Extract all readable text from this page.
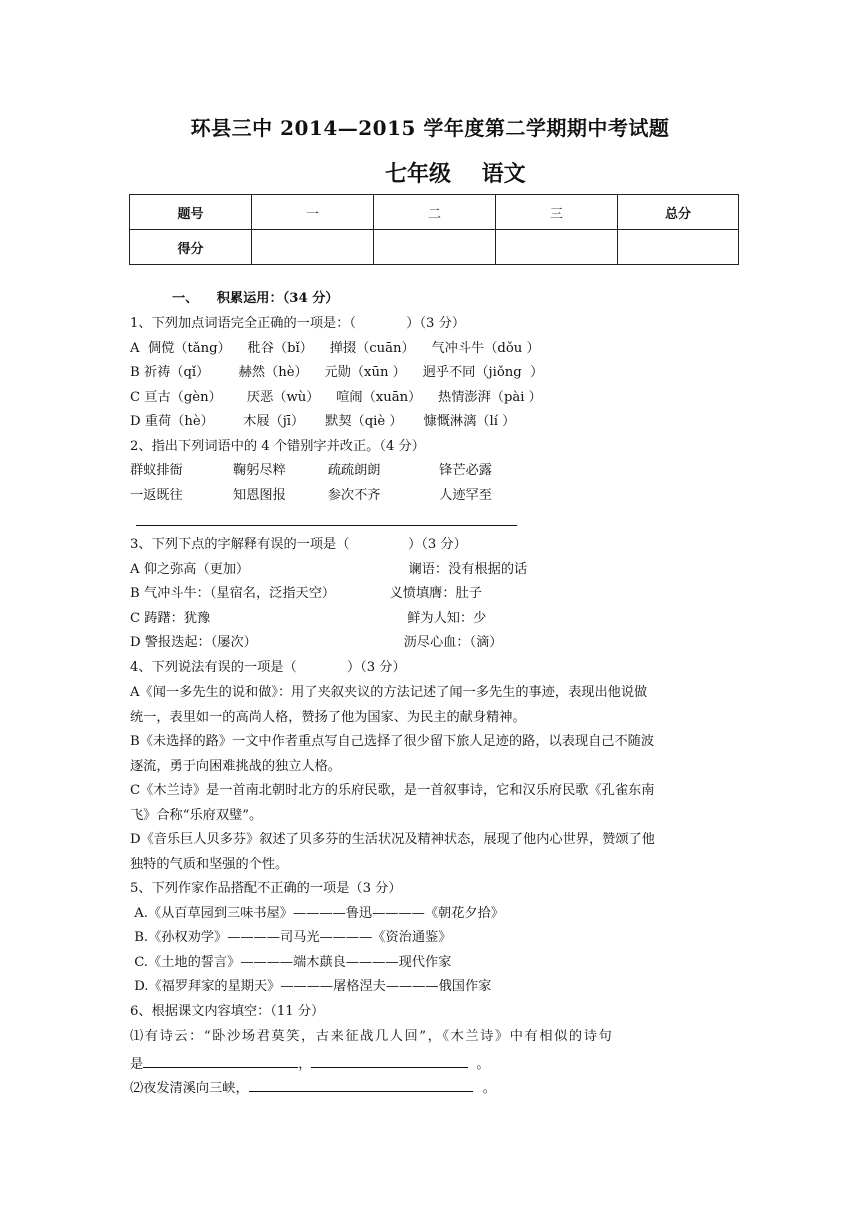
环县三中 2014—2015 学年度第二学期期中考试题
七年级    语文
题号	一	二	三	总分
得分				
一、    积累运用：（34 分）
1、下列加点词语完全正确的一项是：（            ）（3 分）
A  倜傥（tǎng）    秕谷（bǐ）    掸掇（cuān）    气冲斗牛（dǒu ）
B 祈祷（qǐ）       赫然（hè）    元勋（xūn ）    迥乎不同（jiǒng  ）
C 亘古（gèn）      厌恶（wù）    喧闹（xuān）    热情澎湃（pài ）
D 重荷（hè）       木屐（jī）     默契（qiè ）     慷慨淋漓（lí ）
2、指出下列词语中的 4 个错别字并改正。（4 分）
群蚁排衙            鞠躬尽粹          疏疏朗朗              锋芒必露
一返既往            知恩图报          参次不齐              人迹罕至
3、下列下点的字解释有误的一项是（              ）（3 分）
A 仰之弥高（更加）                                      谰语：没有根据的话
B 气冲斗牛：（星宿名，泛指天空）             义愤填膺：肚子
C 踌躇：犹豫                                               鲜为人知：少
D 警报迭起：（屡次）                                   沥尽心血：（滴）
4、下列说法有误的一项是（            ）（3 分）
A《闻一多先生的说和做》：用了夹叙夹议的方法记述了闻一多先生的事迹，表现出他说做
统一，表里如一的高尚人格，赞扬了他为国家、为民主的献身精神。
B《未选择的路》一文中作者重点写自己选择了很少留下旅人足迹的路，以表现自己不随波
逐流，勇于向困难挑战的独立人格。
C《木兰诗》是一首南北朝时北方的乐府民歌，是一首叙事诗，它和汉乐府民歌《孔雀东南
飞》合称“乐府双璧”。
D《音乐巨人贝多芬》叙述了贝多芬的生活状况及精神状态，展现了他内心世界，赞颂了他
独特的气质和坚强的个性。
5、下列作家作品搭配不正确的一项是（3 分）
A.《从百草园到三味书屋》————鲁迅————《朝花夕拾》
B.《孙权劝学》————司马光————《资治通鉴》
C.《土地的誓言》————端木蕻良————现代作家
D.《福罗拜家的星期天》————屠格涅夫————俄国作家
6、根据课文内容填空：（11 分）
⑴有诗云：“卧沙场君莫笑，古来征战几人回”，《木兰诗》中有相似的诗句
是	，	。
⑵夜发清溪向三峡，	。
